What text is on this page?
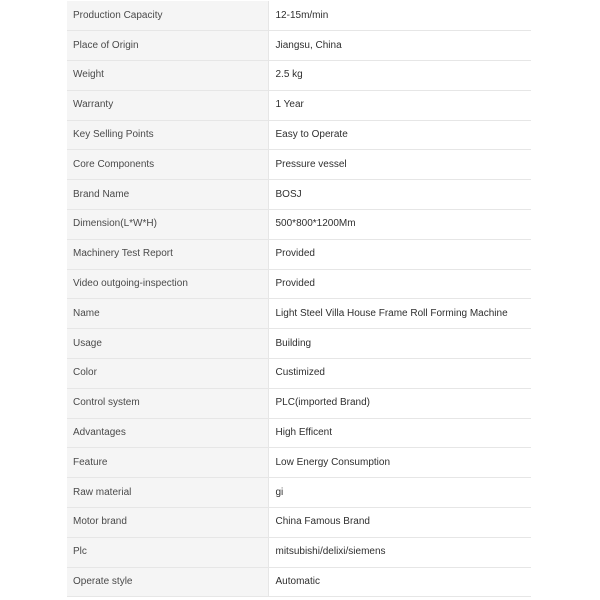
Production Capacity	12-15m/min
Place of Origin	Jiangsu, China
Weight	2.5 kg
Warranty	1 Year
Key Selling Points	Easy to Operate
Core Components	Pressure vessel
Brand Name	BOSJ
Dimension(L*W*H)	500*800*1200Mm
Machinery Test Report	Provided
Video outgoing-inspection	Provided
Name	Light Steel Villa House Frame Roll Forming Machine
Usage	Building
Color	Custimized
Control system	PLC(imported Brand)
Advantages	High Efficent
Feature	Low Energy Consumption
Raw material	gi
Motor brand	China Famous Brand
Plc	mitsubishi/delixi/siemens
Operate style	Automatic
